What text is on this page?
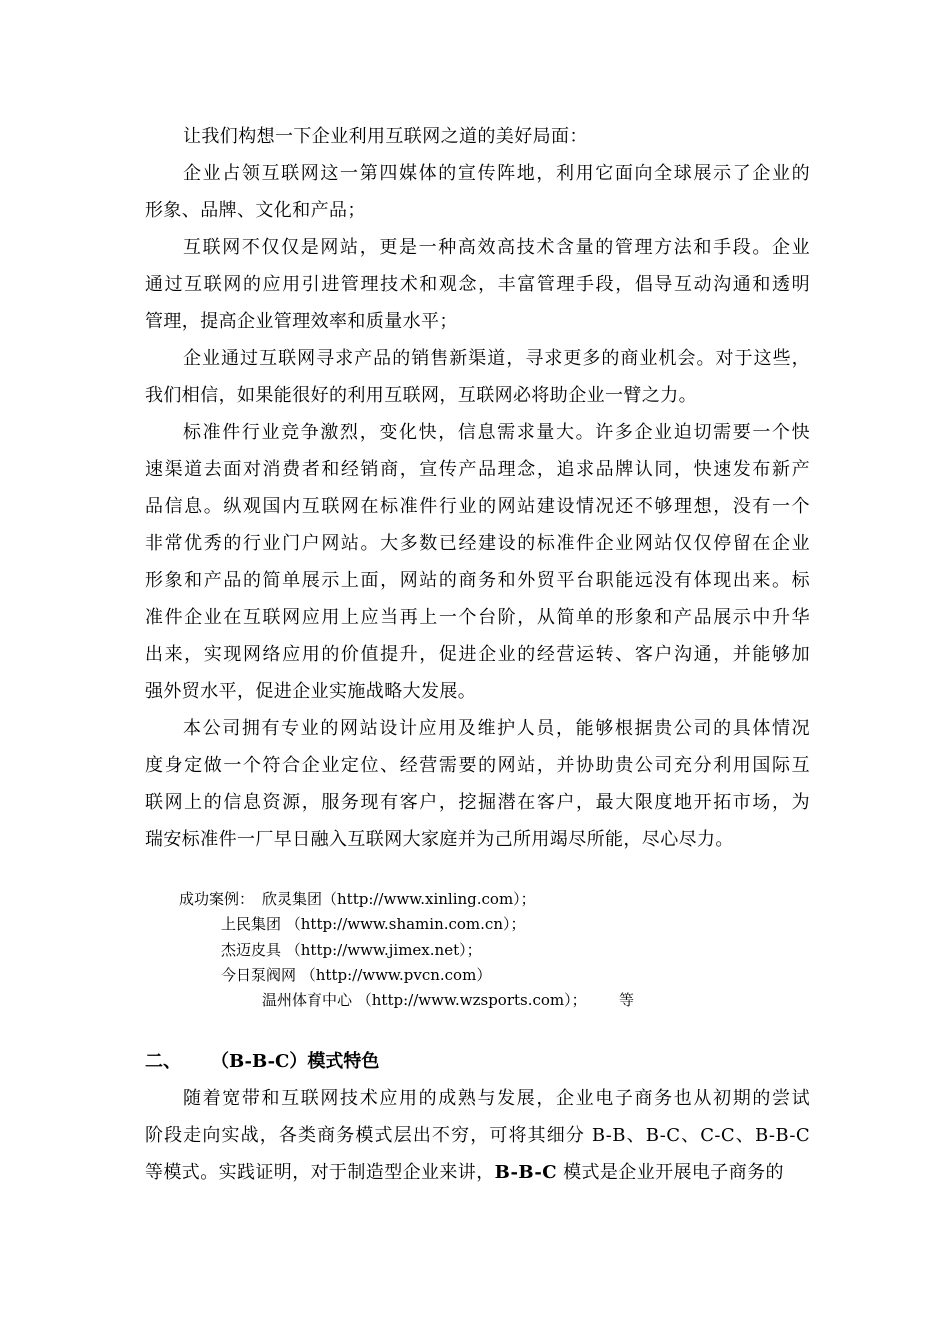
让我们构想一下企业利用互联网之道的美好局面：
企业占领互联网这一第四媒体的宣传阵地，利用它面向全球展示了企业的
形象、品牌、文化和产品；
互联网不仅仅是网站，更是一种高效高技术含量的管理方法和手段。企业
通过互联网的应用引进管理技术和观念，丰富管理手段，倡导互动沟通和透明
管理，提高企业管理效率和质量水平；
企业通过互联网寻求产品的销售新渠道，寻求更多的商业机会。对于这些，
我们相信，如果能很好的利用互联网，互联网必将助企业一臂之力。
标准件行业竞争激烈，变化快，信息需求量大。许多企业迫切需要一个快
速渠道去面对消费者和经销商，宣传产品理念，追求品牌认同，快速发布新产
品信息。纵观国内互联网在标准件行业的网站建设情况还不够理想，没有一个
非常优秀的行业门户网站。大多数已经建设的标准件企业网站仅仅停留在企业
形象和产品的简单展示上面，网站的商务和外贸平台职能远没有体现出来。标
准件企业在互联网应用上应当再上一个台阶，从简单的形象和产品展示中升华
出来，实现网络应用的价值提升，促进企业的经营运转、客户沟通，并能够加
强外贸水平，促进企业实施战略大发展。
本公司拥有专业的网站设计应用及维护人员，能够根据贵公司的具体情况
度身定做一个符合企业定位、经营需要的网站，并协助贵公司充分利用国际互
联网上的信息资源，服务现有客户，挖掘潜在客户，最大限度地开拓市场，为
瑞安标准件一厂早日融入互联网大家庭并为己所用竭尽所能，尽心尽力。
成功案例： 欣灵集团（http://www.xinling.com）；
上民集团 （http://www.shamin.com.cn）；
杰迈皮具 （http://www.jimex.net）；
今日泵阀网 （http://www.pvcn.com）
温州体育中心 （http://www.wzsports.com）； 等
二、 （B-B-C）模式特色
随着宽带和互联网技术应用的成熟与发展，企业电子商务也从初期的尝试
阶段走向实战，各类商务模式层出不穷，可将其细分 B-B、B-C、C-C、B-B-C
等模式。实践证明，对于制造型企业来讲，B-B-C 模式是企业开展电子商务的
